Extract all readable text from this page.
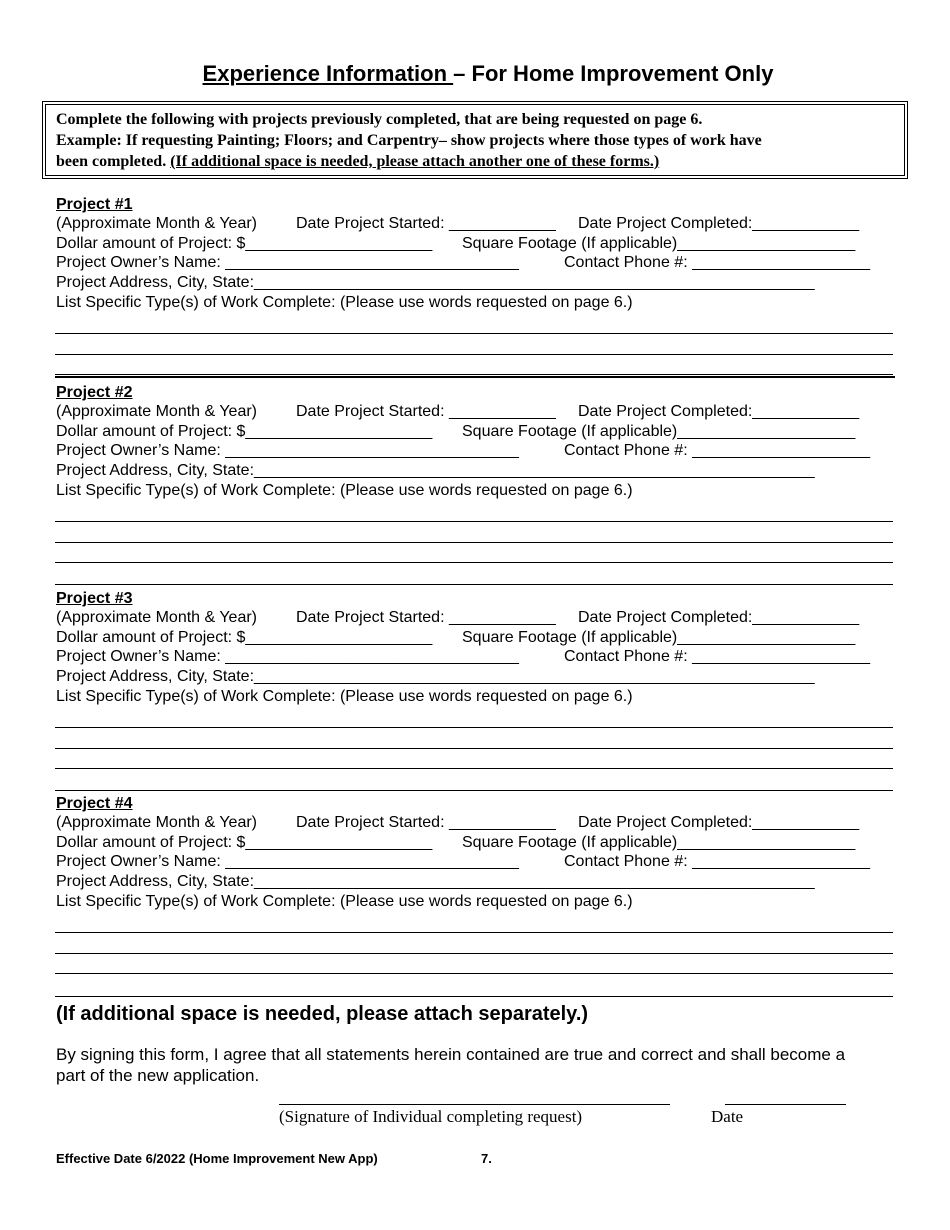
Experience Information – For Home Improvement Only
Complete the following with projects previously completed, that are being requested on page 6.
Example: If requesting Painting; Floors; and Carpentry– show projects where those types of work have
been completed. (If additional space is needed, please attach another one of these forms.)
Project #1
(Approximate Month & Year) Date Project Started: ____________ Date Project Completed:____________
Dollar amount of Project: $_____________________ Square Footage (If applicable)____________________
Project Owner’s Name: _________________________________	Contact Phone #: ____________________
Project Address, City, State:_______________________________________________________________
List Specific Type(s) of Work Complete: (Please use words requested on page 6.)
Project #2
(Approximate Month & Year) Date Project Started: ____________ Date Project Completed:____________
Dollar amount of Project: $_____________________ Square Footage (If applicable)____________________
Project Owner’s Name: _________________________________	Contact Phone #: ____________________
Project Address, City, State:_______________________________________________________________
List Specific Type(s) of Work Complete: (Please use words requested on page 6.)
Project #3
(Approximate Month & Year) Date Project Started: ____________ Date Project Completed:____________
Dollar amount of Project: $_____________________ Square Footage (If applicable)____________________
Project Owner’s Name: _________________________________	Contact Phone #: ____________________
Project Address, City, State:_______________________________________________________________
List Specific Type(s) of Work Complete: (Please use words requested on page 6.)
Project #4
(Approximate Month & Year) Date Project Started: ____________ Date Project Completed:____________
Dollar amount of Project: $_____________________ Square Footage (If applicable)____________________
Project Owner’s Name: _________________________________	Contact Phone #: ____________________
Project Address, City, State:_______________________________________________________________
List Specific Type(s) of Work Complete: (Please use words requested on page 6.)
(If additional space is needed, please attach separately.)
By signing this form, I agree that all statements herein contained are true and correct and shall become a part of the new application.
(Signature of Individual completing request)	Date
Effective Date 6/2022 (Home Improvement New App)	7.
